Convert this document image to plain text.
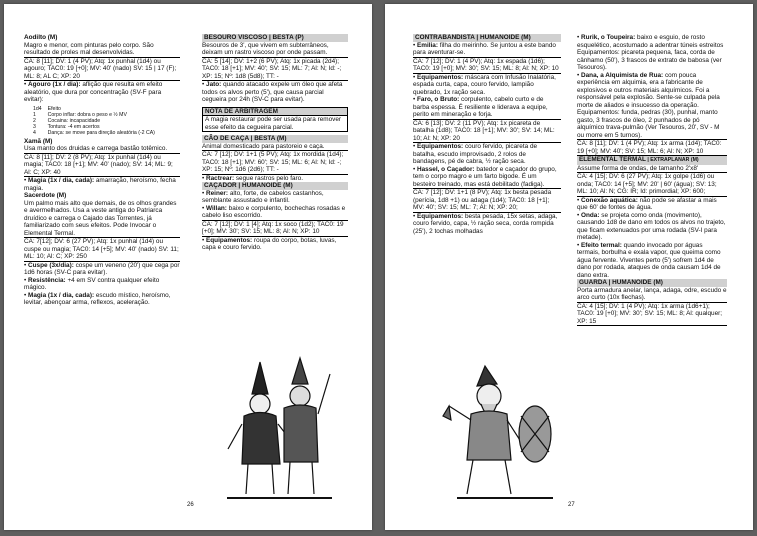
Aodilto (M)

Magro e menor, com pinturas pelo corpo. São resultado de proles mal desenvolvidas.

CA: 8 [11]; DV: 1 (4 PV); Atq: 1x punhal (1d4) ou agouro; TAC0: 19 [+0]; MV: 40' (nado) SV: 15 | 17 (F); ML: 8; AL C; XP: 20

• Agouro (1x / dia): aflição que resulta em efeito aleatório, que dura por concentração (SV-F para evitar):

1d4	Efeito
1	Corpo inflar: dobra o peso e ½ MV
2	Cocaina: incapacidade
3	Tontura: -4 em acertos
4	Dança: se move para direção aleatória (-2 CA)

Xamã (M)

Usa manto dos druidas e carrega bastão totêmico.

CA: 8 [11]; DV: 2 (8 PV); Atq: 1x punhal (1d4) ou magia; TAC0: 18 [+1]; MV: 40' (nado); SV: 14; ML: 9; Al: C; XP: 40

• Magia (1x / dia, cada): amarração, heroísmo, fecha magia.

Sacerdote (M)

Um palmo mais alto que demais, de os olhos grandes e avermelhados. Usa a veste antiga do Patriarca druídico e carrega o Cajado das Torrentes, já familiarizado com seus efeitos. Pode Invocar o Elemental Termal.

CA: 7[12]; DV: 6 (27 PV); Atq: 1x punhal (1d4) ou cuspe ou magia; TAC0: 14 [+5]; MV: 40' (nado) SV: 11; ML: 10; Al: C; XP: 250

• Cuspe (3x/dia): cospe um veneno (20') que cega por 1d6 horas (SV-C para evitar).

• Resistência: +4 em SV contra qualquer efeito mágico.

• Magia (1x / dia, cada): escudo místico, heroísmo, levitar, abençoar arma, reflexos, aceleração.

BESOURO VISCOSO | BESTA (P)

Besouros de 3', que vivem em subterrâneos, deixam um rastro viscoso por onde passam.

CA: 5 [14]; DV: 1+2 (6 PV); Atq: 1x picada (2d4); TAC0: 18 [+1]; MV: 40'; SV: 15; ML: 7; Al: N; Id: -; XP: 15; Nº: 1d8 (5d8); TT: -

• Jato: quando atacado expele um óleo que afeta todos os alvos perto (5'), que causa parcial cegueira por 24h (SV-C para evitar).

NOTA DE ARBITRAGEM
A magia restaurar pode ser usada para remover esse efeito da cegueira parcial.

CÃO DE CAÇA | BESTA (M)

Animal domesticado para pastoreio e caça.

CA: 7 [12]; DV: 1+1 (5 PV); Atq: 1x mordida (1d4); TAC0: 18 [+1]; MV: 60'; SV: 15; ML: 6; Al: N; Id: -; XP: 15; Nº: 1d6 (2d6); TT: -

• Ractrear: segue rastros pelo faro.

CAÇADOR | HUMANOIDE (M)

• Reiner: alto, forte, de cabelos castanhos, semblante assustado e infantil.

• Willan: baixo e corpulento, bochechas rosadas e cabelo liso escorrido.

CA: 7 [12]; DV: 1 [4]; Atq: 1x soco (1d2); TAC0: 19 [+0]; MV: 30'; SV: 15; ML: 8; Al: N; XP: 10

• Equipamentos: roupa do corpo, botas, luvas, capa e couro fervido.

26

CONTRABANDISTA | HUMANOIDE (M)

• Emilia: filha do meirinho. Se juntou a este bando para aventurar-se.

CA: 7 [12]; DV: 1 (4 PV); Atq: 1x espada (1d6); TAC0: 19 [+0]; MV: 30'; SV: 15; ML: 8; Al: N; XP: 10

• Equipamentos: máscara com Infusão Inalatória, espada curta, capa, couro fervido, lampião quebrado, 1x ração seca.

• Faro, o Bruto: corpulento, cabelo curto e de barba espessa. É resiliente e liderava a equipe, perito em mineração e forja.

CA: 6 [13]; DV: 2 (11 PV); Atq: 1x picareta de batalha (1d8); TAC0: 18 [+1]; MV: 30'; SV: 14; ML: 10; Al: N; XP: 20

• Equipamentos: couro fervido, picareta de batalha, escudo improvisado, 2 rolos de bandagens, pé de cabra, ½ ração seca.

• Hassel, o Caçador: batedor e caçador do grupo, tem o corpo magro e um farto bigode. É um besteiro treinado, mas está debilitado (fadiga).

CA: 7 [12]; DV: 1+1 (8 PV); Atq: 1x besta pesada (perícia, 1d8 +1) ou adaga (1d4); TAC0: 18 [+1]; MV: 40'; SV: 15; ML: 7; Al: N; XP: 20;

• Equipamentos: besta pesada, 15x setas, adaga, couro fervido, capa, ½ ração seca, corda rompida (25'), 2 tochas molhadas

• Rurik, o Toupeira: baixo e esguio, de rosto esquelético, acostumado a adentrar túneis estreitos Equipamentos: picareta pequena, faca, corda de cânhamo (50'), 3 frascos de extrato de babosa (ver Tesouros).

• Dana, a Alquimista de Rua: com pouca experiência em alquimia, era a fabricante de explosivos e outros materiais alquímicos. Foi a responsável pela explosão. Sente-se culpada pela morte de aliados e insucesso da operação. Equipamentos: funda, pedras (30), punhal, manto gasto, 3 frascos de óleo, 2 punhados de pó alquímico trava-pulmão (Ver Tesouros, 20', SV - M ou morre em 5 turnos).

CA: 8 [11]; DV: 1 (4 PV); Atq: 1x arma (1d4); TAC0: 19 [+0]; MV: 40'; SV: 15; ML: 6; Al: N; XP: 10

ELEMENTAL TERMAL | EXTRAPLANAR (M)

Assume forma de ondas, de tamanho 2'x8'

CA: 4 [15]; DV: 6 (27 PV); Atq: 1x golpe (1d6) ou onda; TAC0: 14 [+5]; MV: 20' | 60' (água); SV: 13; ML: 10; Al: N; CG: IR; Id: primordial; XP: 600;

• Conexão aquática: não pode se afastar a mais que 60' de fontes de água.

• Onda: se projeta como onda (movimento), causando 1d8 de dano em todos os alvos no trajeto, que ficam extenuados por uma rodada (SV-I para metade).

• Efeito termal: quando invocado por águas termais, borbulha e exala vapor, que queima como água fervente. Viventes perto (5') sofrem 1d4 de dano por rodada, ataques de onda causam 1d4 de dano extra.

GUARDA | HUMANOIDE (M)

Porta armadura anelar, lança, adaga, odre, escudo e arco curto (10x flechas).

CA: 4 [15]; DV: 1 (4 PV); Atq: 1x arma (1d6+1); TAC0: 19 [+0]; MV: 30'; SV: 15; ML: 8; Al: qualquer; XP: 15

27
